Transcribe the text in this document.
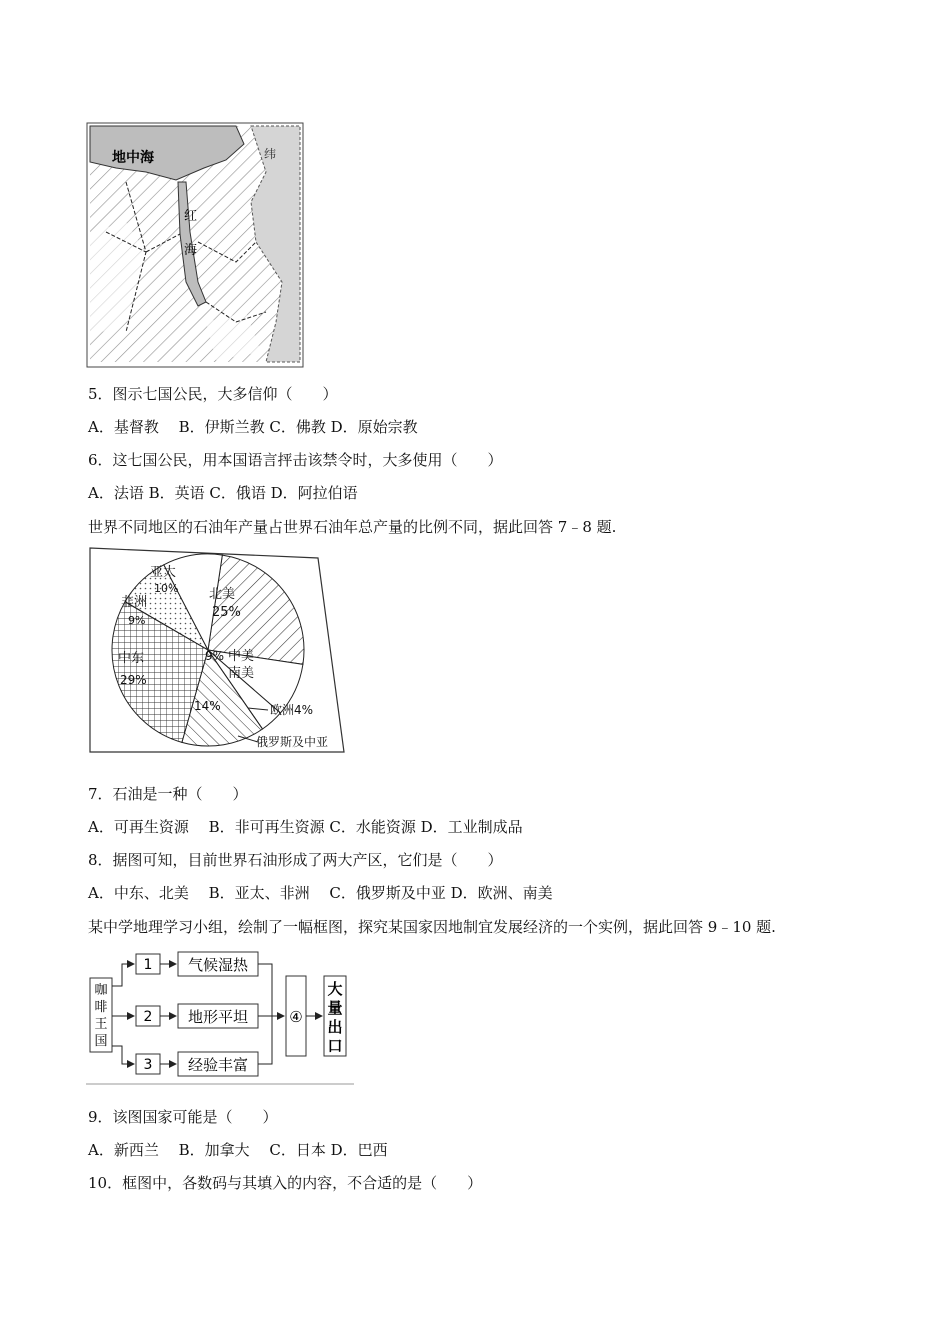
地中海
红
海
纬
5．图示七国公民，大多信仰（　　）
A．基督教　 B．伊斯兰教 C．佛教 D．原始宗教
6．这七国公民，用本国语言抨击该禁令时，大多使用（　　）
A．法语 B．英语 C．俄语 D．阿拉伯语
世界不同地区的石油年产量占世界石油年总产量的比例不同，据此回答 7﹣8 题.
北美
25%
亚太
10%
非洲
9%
中东
29%
中美
南美
9%
14%	欧洲4%
俄罗斯及中亚
7．石油是一种（　　）
A．可再生资源　 B．非可再生资源 C．水能资源 D．工业制成品
8．据图可知，目前世界石油形成了两大产区，它们是（　　）
A．中东、北美　 B．亚太、非洲　 C．俄罗斯及中亚 D．欧洲、南美
某中学地理学习小组，绘制了一幅框图，探究某国家因地制宜发展经济的一个实例，据此回答 9﹣10 题.
咖
啡
王
国
1
2
3
气候湿热
地形平坦
经验丰富
④
大
量
出
口
9．该图国家可能是（　　）
A．新西兰　 B．加拿大　 C．日本 D．巴西
10．框图中，各数码与其填入的内容，不合适的是（　　）
